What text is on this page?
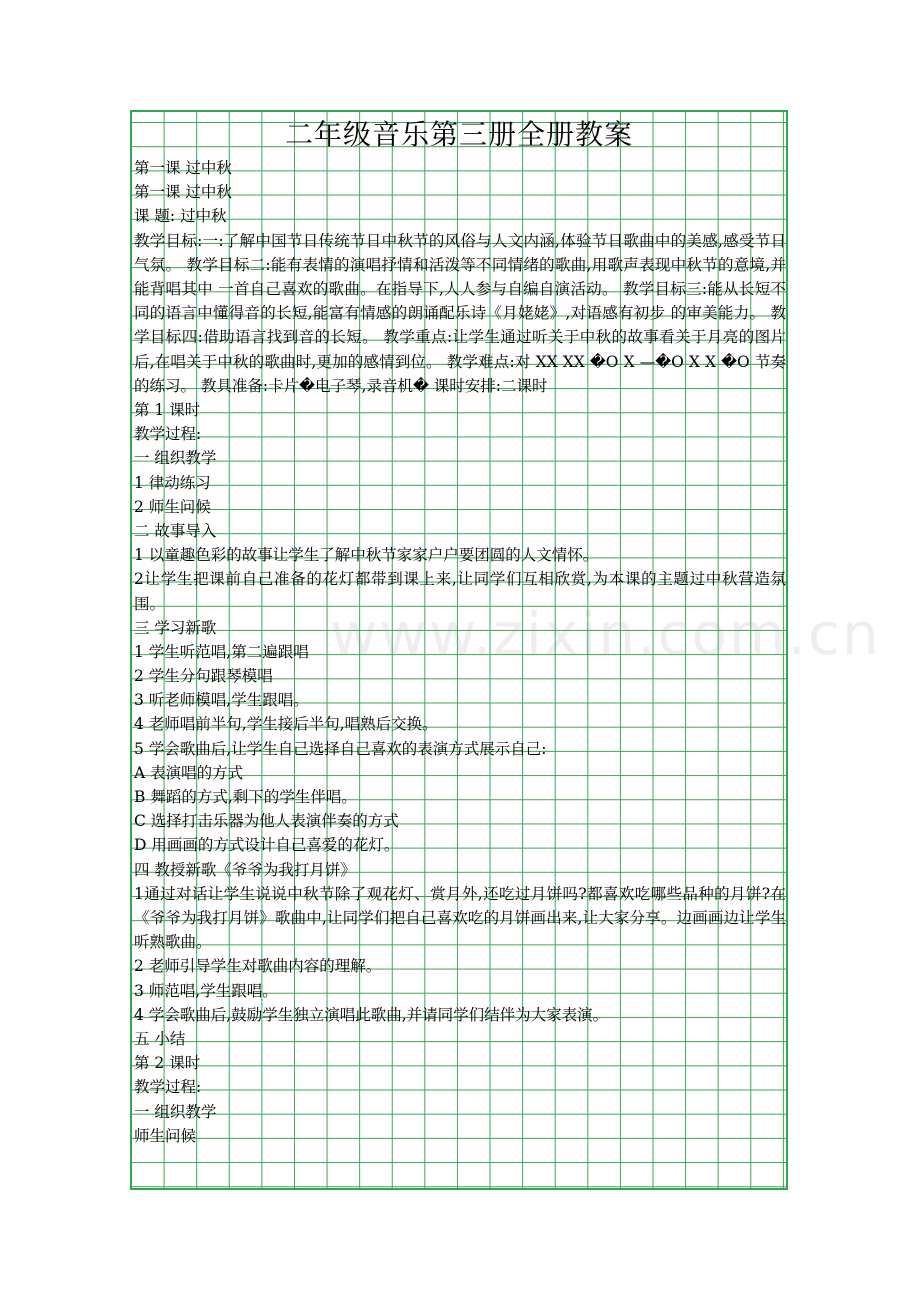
二年级音乐第三册全册教案
第一课 过中秋
第一课 过中秋
课 题: 过中秋
教学目标:一:了解中国节日传统节日中秋节的风俗与人文内涵,体验节日歌曲中的美感,感受节日气氛。 教学目标二:能有表情的演唱抒情和活泼等不同情绪的歌曲,用歌声表现中秋节的意境,并能背唱其中 一首自己喜欢的歌曲。在指导下,人人参与自编自演活动。 教学目标三:能从长短不同的语言中懂得音的长短,能富有情感的朗诵配乐诗《月姥姥》,对语感有初步 的审美能力。 教学目标四:借助语言找到音的长短。 教学重点:让学生通过听关于中秋的故事看关于月亮的图片后,在唱关于中秋的歌曲时,更加的感情到位。 教学难点:对 XX XX �O X —�O X X �O 节奏的练习。 教具准备:卡片�电子琴,录音机� 课时安排:二课时
第 1 课时
教学过程:
一 组织教学
1 律动练习
2 师生问候
二 故事导入
1 以童趣色彩的故事让学生了解中秋节家家户户要团圆的人文情怀。
2让学生把课前自己准备的花灯都带到课上来,让同学们互相欣赏,为本课的主题过中秋营造氛围。
三 学习新歌
1 学生听范唱,第二遍跟唱
2 学生分句跟琴模唱
3 听老师模唱,学生跟唱。
4 老师唱前半句,学生接后半句,唱熟后交换。
5 学会歌曲后,让学生自己选择自己喜欢的表演方式展示自己:
A 表演唱的方式
B 舞蹈的方式,剩下的学生伴唱。
C 选择打击乐器为他人表演伴奏的方式
D 用画画的方式设计自己喜爱的花灯。
四 教授新歌《爷爷为我打月饼》
1通过对话让学生说说中秋节除了观花灯、赏月外,还吃过月饼吗?都喜欢吃哪些品种的月饼?在《爷爷为我打月饼》歌曲中,让同学们把自己喜欢吃的月饼画出来,让大家分享。边画画边让学生听熟歌曲。
2 老师引导学生对歌曲内容的理解。
3 师范唱,学生跟唱。
4 学会歌曲后,鼓励学生独立演唱此歌曲,并请同学们结伴为大家表演。
五 小结
第 2 课时
教学过程:
一 组织教学
师生问候
